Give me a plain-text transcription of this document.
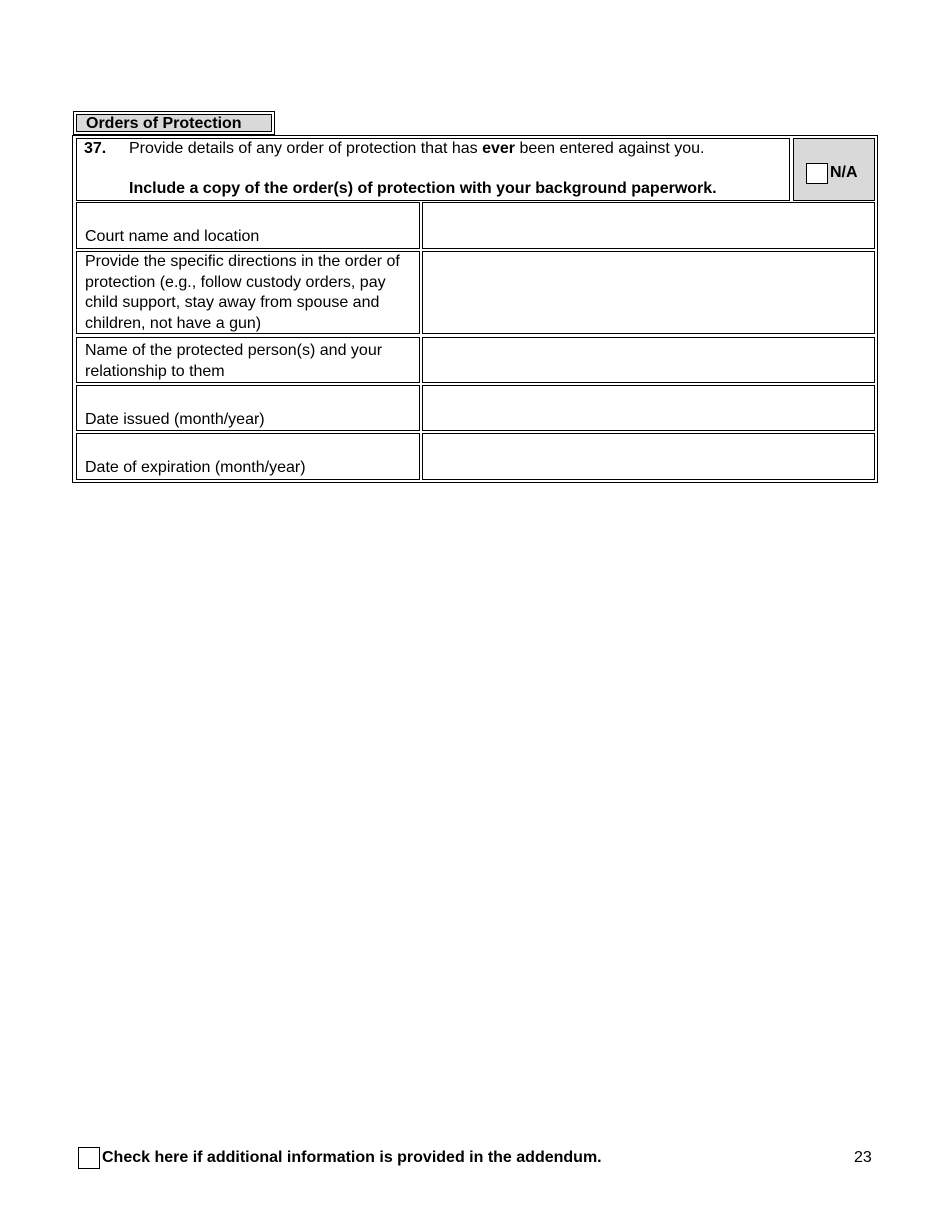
Orders of Protection
37. Provide details of any order of protection that has ever been entered against you.
Include a copy of the order(s) of protection with your background paperwork.
N/A
Court name and location
Provide the specific directions in the order of protection (e.g., follow custody orders, pay child support, stay away from spouse and children, not have a gun)
Name of the protected person(s) and your relationship to them
Date issued (month/year)
Date of expiration (month/year)
Check here if additional information is provided in the addendum.	23
